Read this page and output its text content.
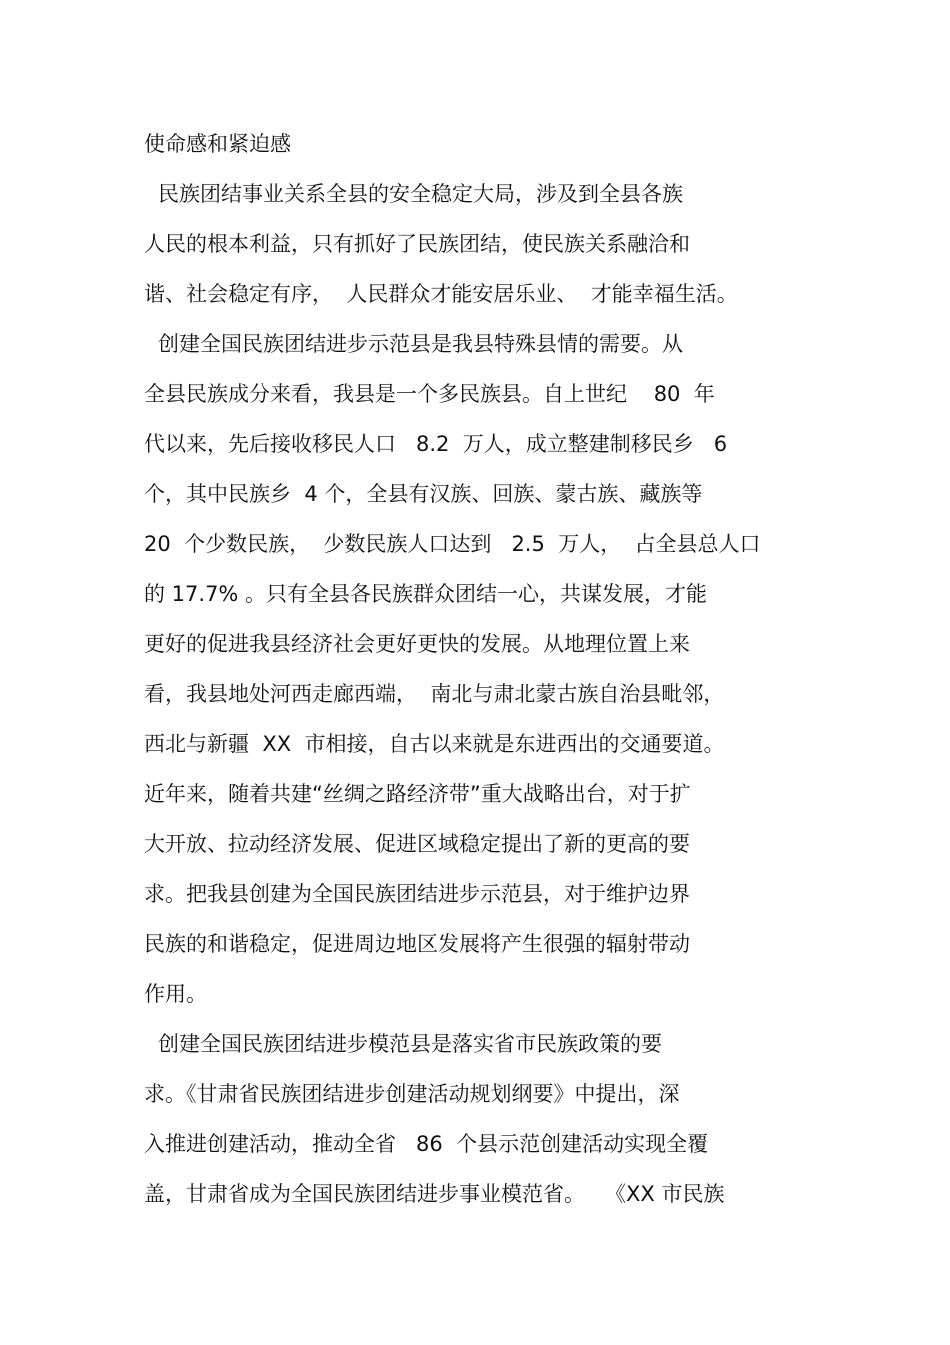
使命感和紧迫感
民族团结事业关系全县的安全稳定大局，涉及到全县各族
人民的根本利益，只有抓好了民族团结，使民族关系融洽和
谐、社会稳定有序，  人民群众才能安居乐业、  才能幸福生活。
创建全国民族团结进步示范县是我县特殊县情的需要。从
全县民族成分来看，我县是一个多民族县。自上世纪    80  年
代以来，先后接收移民人口   8.2  万人，成立整建制移民乡   6
个，其中民族乡  4 个，全县有汉族、回族、蒙古族、藏族等
20  个少数民族，  少数民族人口达到   2.5  万人，  占全县总人口
的 17.7% 。只有全县各民族群众团结一心，共谋发展，才能
更好的促进我县经济社会更好更快的发展。从地理位置上来
看，我县地处河西走廊西端，  南北与肃北蒙古族自治县毗邻，
西北与新疆  XX  市相接，自古以来就是东进西出的交通要道。
近年来，随着共建“丝绸之路经济带”重大战略出台，对于扩
大开放、拉动经济发展、促进区域稳定提出了新的更高的要
求。把我县创建为全国民族团结进步示范县，对于维护边界
民族的和谐稳定，促进周边地区发展将产生很强的辐射带动
作用。
创建全国民族团结进步模范县是落实省市民族政策的要
求。《甘肃省民族团结进步创建活动规划纲要》中提出，深
入推进创建活动，推动全省   86  个县示范创建活动实现全覆
盖，甘肃省成为全国民族团结进步事业模范省。   《XX 市民族
